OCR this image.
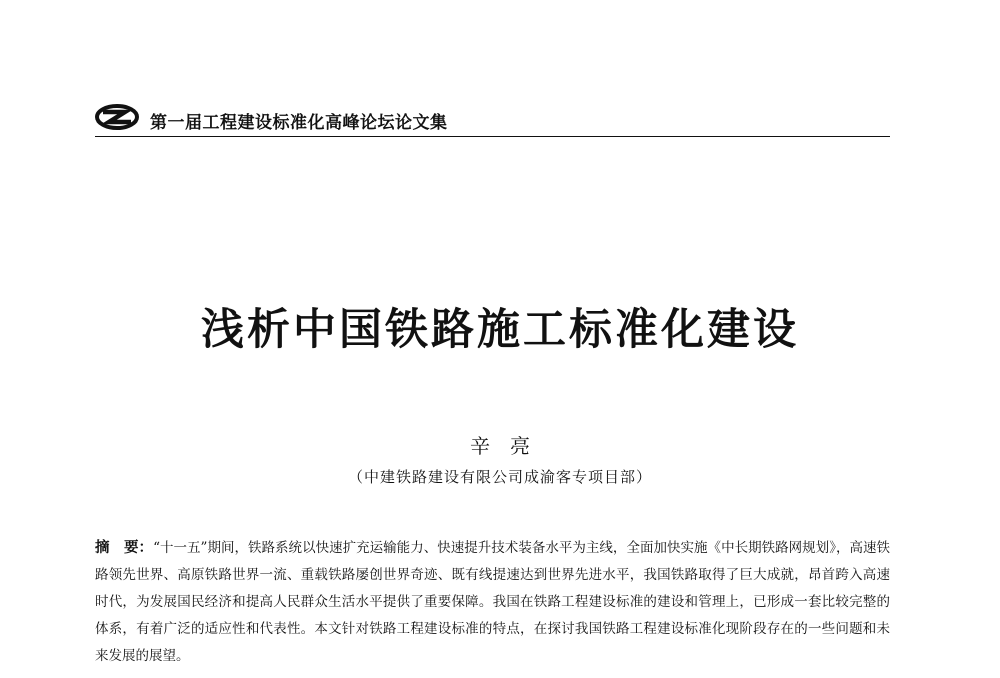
第一届工程建设标准化高峰论坛论文集
浅析中国铁路施工标准化建设
辛　亮
（中建铁路建设有限公司成渝客专项目部）
摘　要：“十一五”期间，铁路系统以快速扩充运输能力、快速提升技术装备水平为主线，全面加快实施《中长期铁路网规划》，高速铁路领先世界、高原铁路世界一流、重载铁路屡创世界奇迹、既有线提速达到世界先进水平，我国铁路取得了巨大成就，昂首跨入高速时代，为发展国民经济和提高人民群众生活水平提供了重要保障。我国在铁路工程建设标准的建设和管理上，已形成一套比较完整的体系，有着广泛的适应性和代表性。本文针对铁路工程建设标准的特点，在探讨我国铁路工程建设标准化现阶段存在的一些问题和未来发展的展望。
